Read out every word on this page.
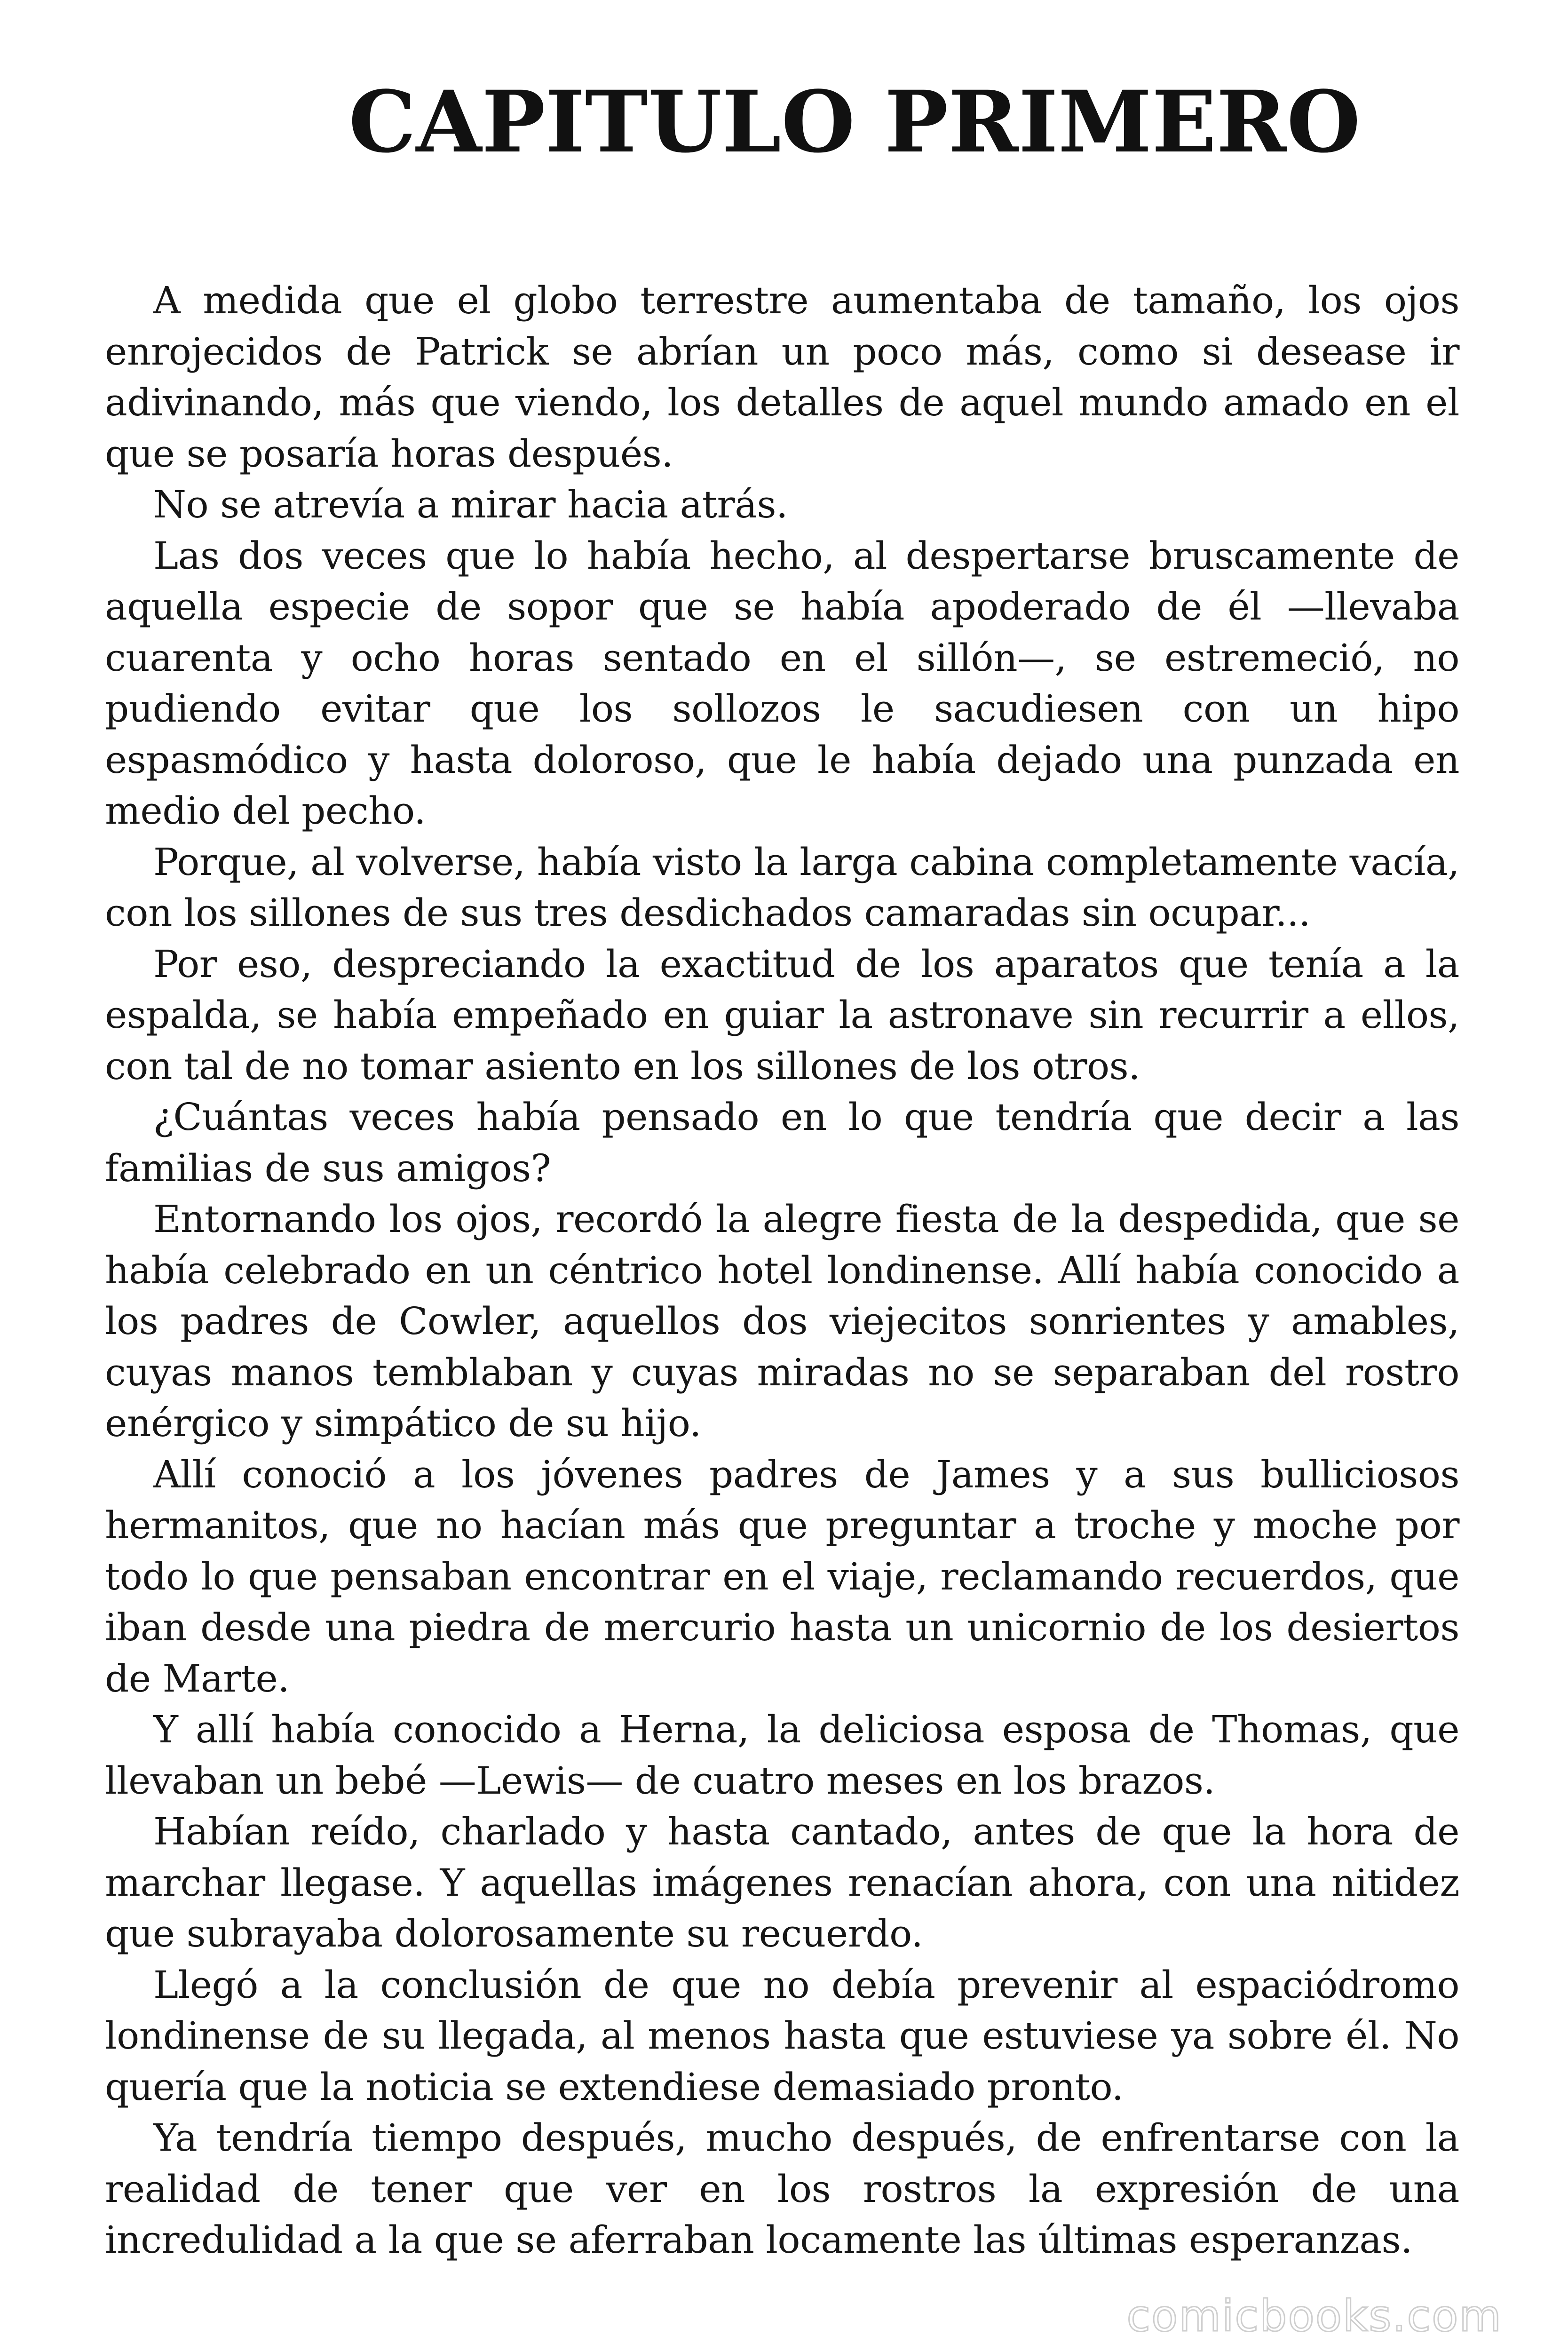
CAPITULO PRIMERO

A medida que el globo terrestre aumentaba de tamaño, los ojos enrojecidos de Patrick se abrían un poco más, como si desease ir adivinando, más que viendo, los detalles de aquel mundo amado en el que se posaría horas después.

No se atrevía a mirar hacia atrás.

Las dos veces que lo había hecho, al despertarse bruscamente de aquella especie de sopor que se había apoderado de él —llevaba cuarenta y ocho horas sentado en el sillón—, se estremeció, no pudiendo evitar que los sollozos le sacudiesen con un hipo espasmódico y hasta doloroso, que le había dejado una punzada en medio del pecho.

Porque, al volverse, había visto la larga cabina completamente vacía, con los sillones de sus tres desdichados camaradas sin ocupar...

Por eso, despreciando la exactitud de los aparatos que tenía a la espalda, se había empeñado en guiar la astronave sin recurrir a ellos, con tal de no tomar asiento en los sillones de los otros.

¿Cuántas veces había pensado en lo que tendría que decir a las familias de sus amigos?

Entornando los ojos, recordó la alegre fiesta de la despedida, que se había celebrado en un céntrico hotel londinense. Allí había conocido a los padres de Cowler, aquellos dos viejecitos sonrientes y amables, cuyas manos temblaban y cuyas miradas no se separaban del rostro enérgico y simpático de su hijo.

Allí conoció a los jóvenes padres de James y a sus bulliciosos hermanitos, que no hacían más que preguntar a troche y moche por todo lo que pensaban encontrar en el viaje, reclamando recuerdos, que iban desde una piedra de mercurio hasta un unicornio de los desiertos de Marte.

Y allí había conocido a Herna, la deliciosa esposa de Thomas, que llevaban un bebé —Lewis— de cuatro meses en los brazos.

Habían reído, charlado y hasta cantado, antes de que la hora de marchar llegase. Y aquellas imágenes renacían ahora, con una nitidez que subrayaba dolorosamente su recuerdo.

Llegó a la conclusión de que no debía prevenir al espaciódromo londinense de su llegada, al menos hasta que estuviese ya sobre él. No quería que la noticia se extendiese demasiado pronto.

Ya tendría tiempo después, mucho después, de enfrentarse con la realidad de tener que ver en los rostros la expresión de una incredulidad a la que se aferraban locamente las últimas esperanzas.

comicbooks.com
